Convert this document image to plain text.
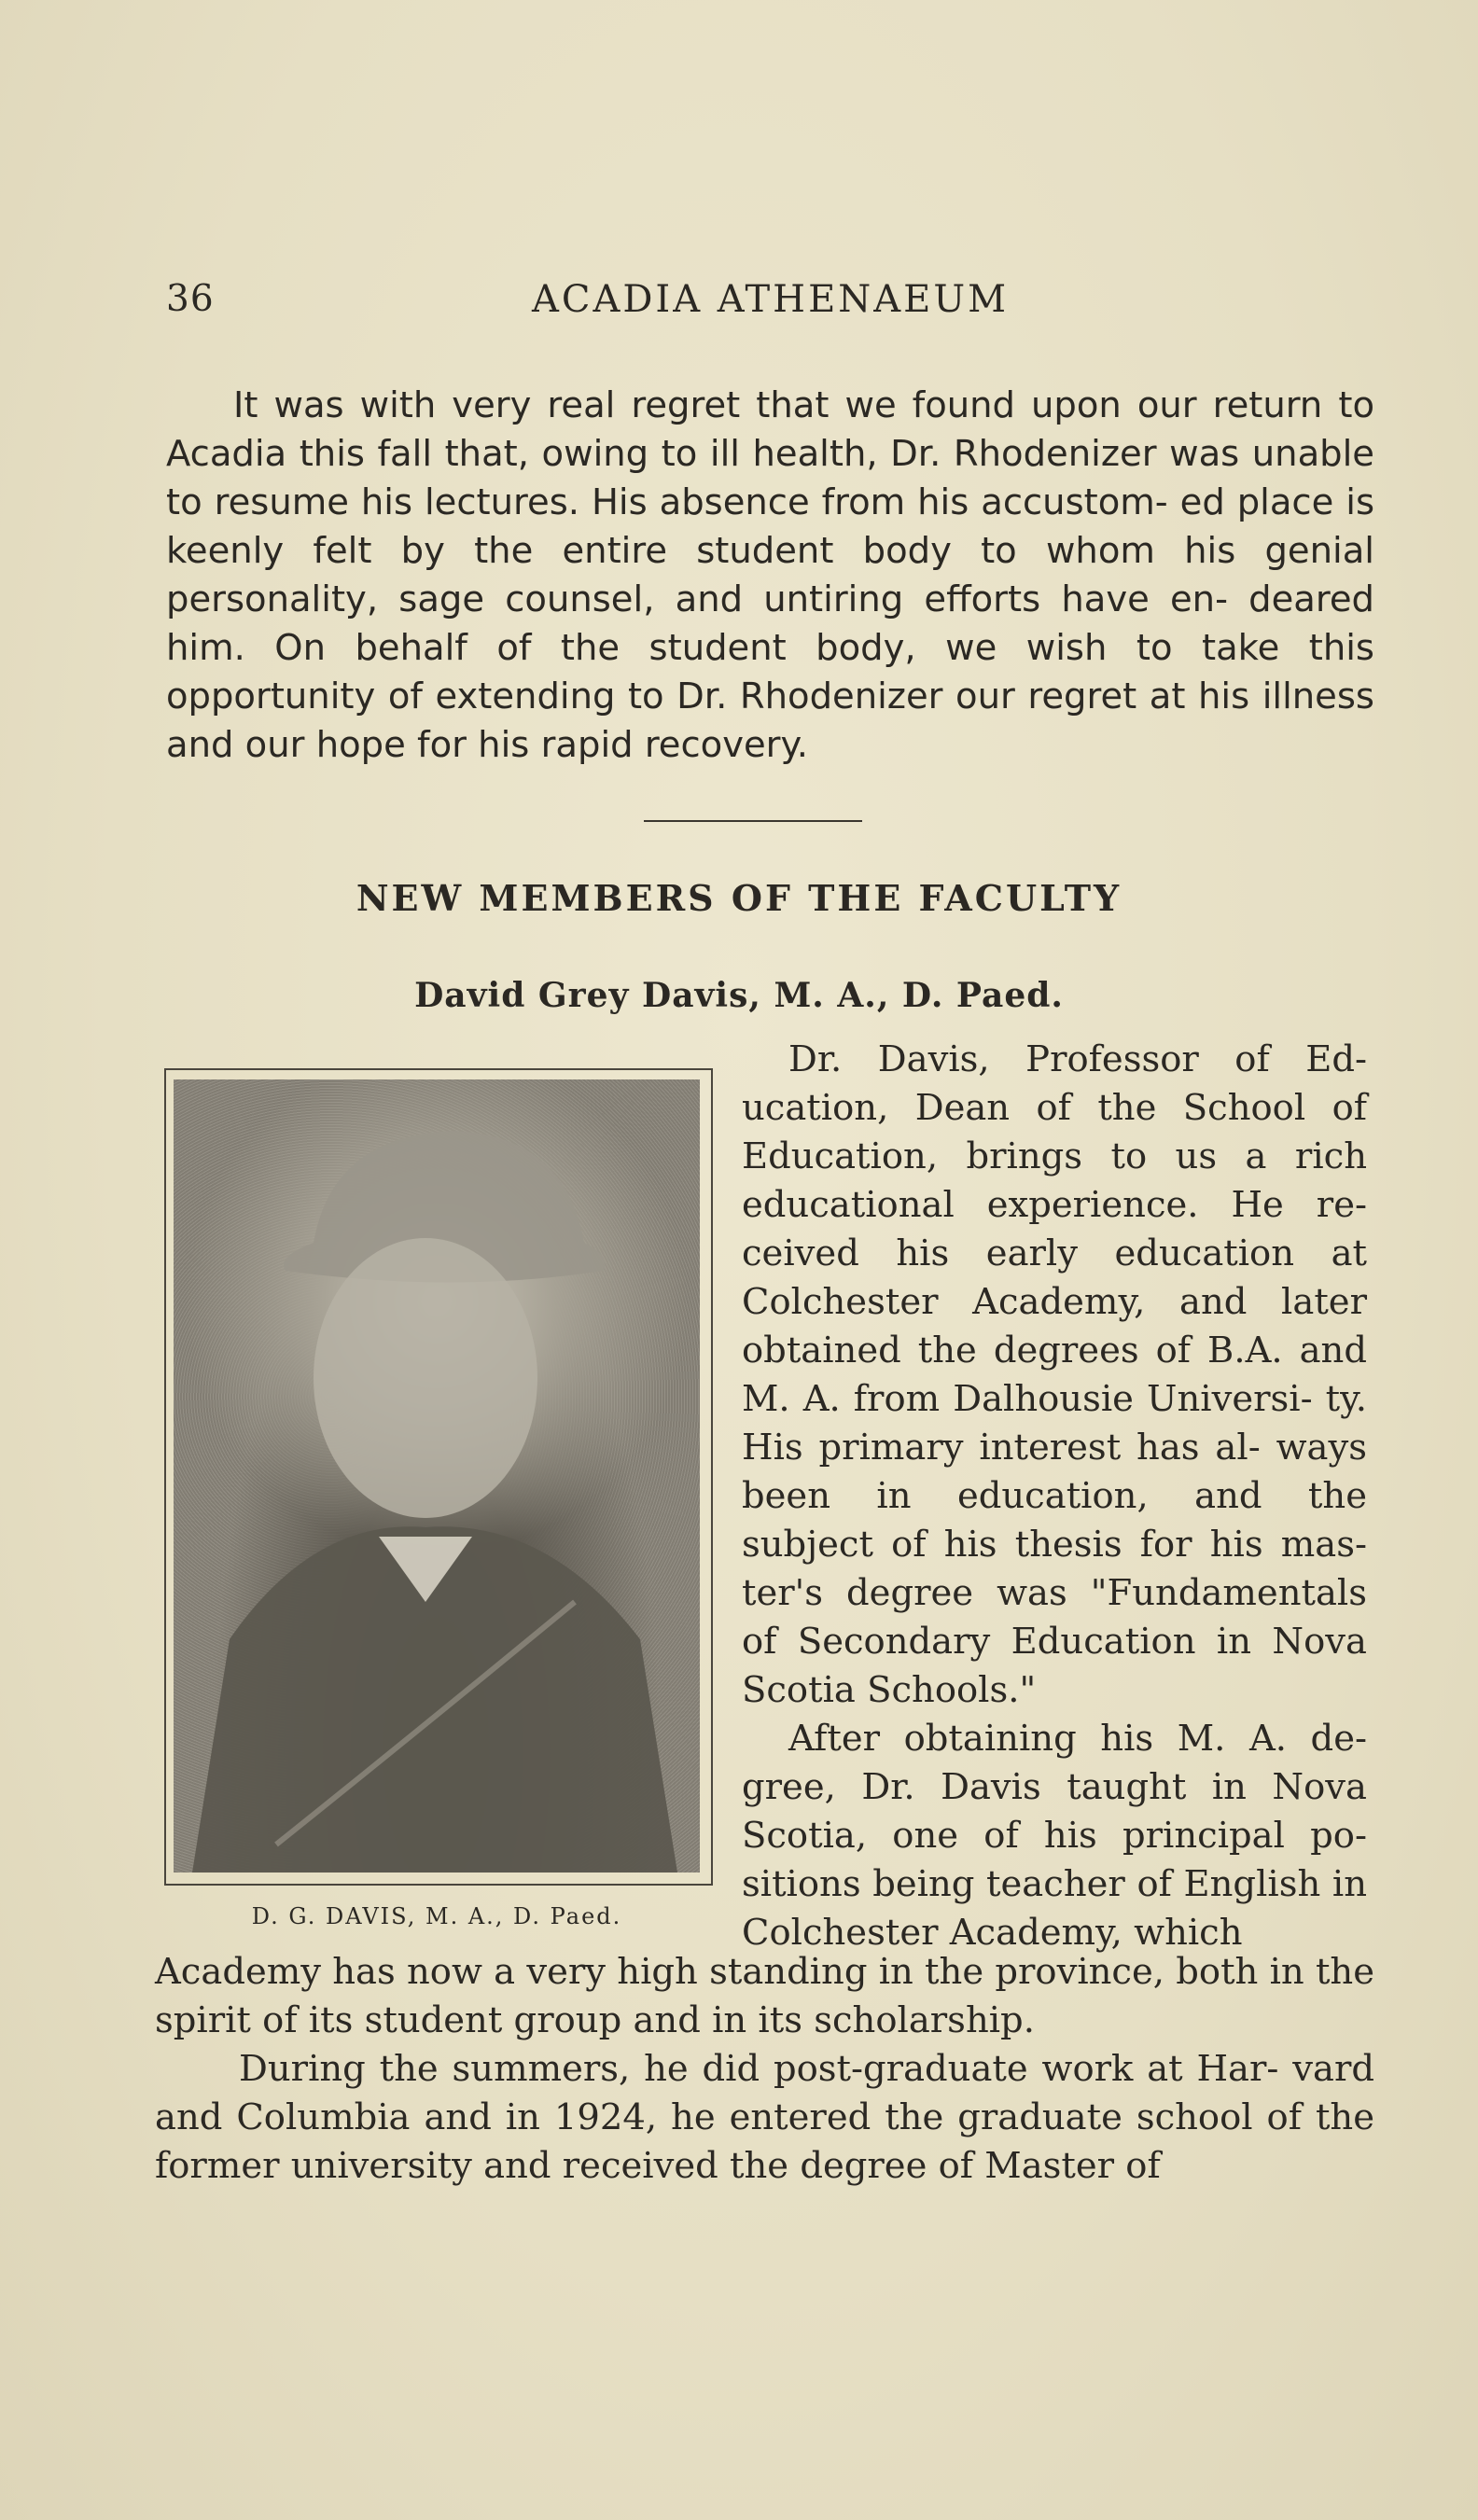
36	ACADIA ATHENAEUM

It was with very real regret that we found upon our return to Acadia this fall that, owing to ill health, Dr. Rhodenizer was unable to resume his lectures. His absence from his accustom- ed place is keenly felt by the entire student body to whom his genial personality, sage counsel, and untiring efforts have en- deared him. On behalf of the student body, we wish to take this opportunity of extending to Dr. Rhodenizer our regret at his illness and our hope for his rapid recovery.

NEW MEMBERS OF THE FACULTY
David Grey Davis, M. A., D. Paed.
D. G. DAVIS, M. A., D. Paed.

Dr. Davis, Professor of Ed- ucation, Dean of the School of Education, brings to us a rich educational experience. He re- ceived his early education at Colchester Academy, and later obtained the degrees of B.A. and M. A. from Dalhousie Universi- ty. His primary interest has al- ways been in education, and the subject of his thesis for his mas- ter's degree was "Fundamentals of Secondary Education in Nova Scotia Schools."

After obtaining his M. A. de- gree, Dr. Davis taught in Nova Scotia, one of his principal po- sitions being teacher of English in Colchester Academy, which

Academy has now a very high standing in the province, both in the spirit of its student group and in its scholarship.

During the summers, he did post-graduate work at Har- vard and Columbia and in 1924, he entered the graduate school of the former university and received the degree of Master of
